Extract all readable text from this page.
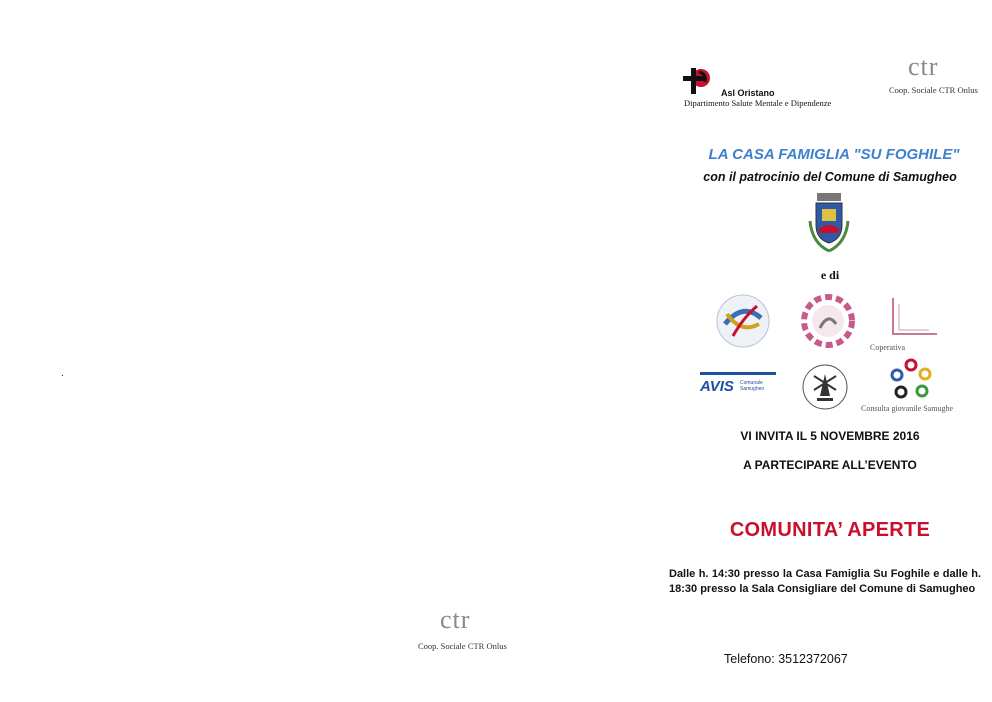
.
ctr
Coop. Sociale CTR Onlus
Asl Oristano
Dipartimento Salute Mentale e Dipendenze
ctr
Coop. Sociale CTR Onlus
LA CASA FAMIGLIA "SU FOGHILE"
con il patrocinio del Comune di Samugheo
e di
Coperativa
AVIS Comunale
Samugheo
Consulta giovanile Samughe
VI INVITA IL 5 NOVEMBRE 2016
A PARTECIPARE ALL’EVENTO
COMUNITA’ APERTE
Dalle h. 14:30 presso la Casa Famiglia Su Foghile e dalle h. 18:30 presso la Sala Consigliare del Comune di Samugheo
Telefono: 3512372067
